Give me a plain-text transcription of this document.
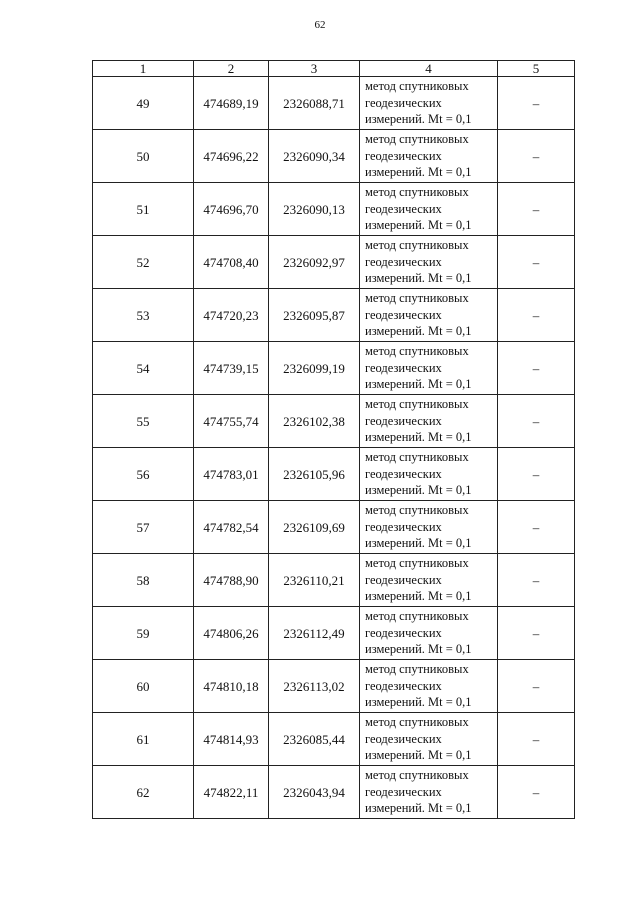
62
1	2	3	4	5
49	474689,19	2326088,71	метод спутниковых
геодезических
измерений. Mt = 0,1	–
50	474696,22	2326090,34	метод спутниковых
геодезических
измерений. Mt = 0,1	–
51	474696,70	2326090,13	метод спутниковых
геодезических
измерений. Mt = 0,1	–
52	474708,40	2326092,97	метод спутниковых
геодезических
измерений. Mt = 0,1	–
53	474720,23	2326095,87	метод спутниковых
геодезических
измерений. Mt = 0,1	–
54	474739,15	2326099,19	метод спутниковых
геодезических
измерений. Mt = 0,1	–
55	474755,74	2326102,38	метод спутниковых
геодезических
измерений. Mt = 0,1	–
56	474783,01	2326105,96	метод спутниковых
геодезических
измерений. Mt = 0,1	–
57	474782,54	2326109,69	метод спутниковых
геодезических
измерений. Mt = 0,1	–
58	474788,90	2326110,21	метод спутниковых
геодезических
измерений. Mt = 0,1	–
59	474806,26	2326112,49	метод спутниковых
геодезических
измерений. Mt = 0,1	–
60	474810,18	2326113,02	метод спутниковых
геодезических
измерений. Mt = 0,1	–
61	474814,93	2326085,44	метод спутниковых
геодезических
измерений. Mt = 0,1	–
62	474822,11	2326043,94	метод спутниковых
геодезических
измерений. Mt = 0,1	–
